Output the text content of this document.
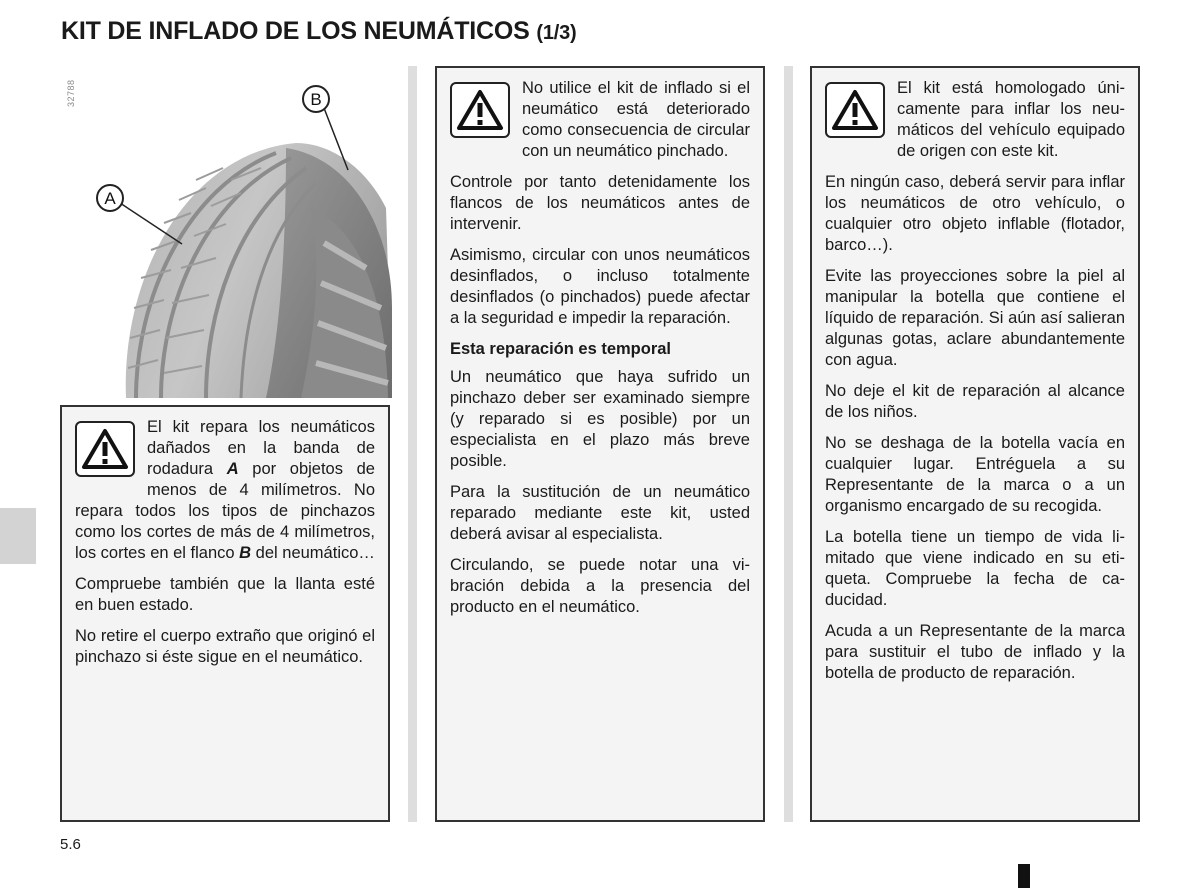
KIT DE INFLADO DE LOS NEUMÁTICOS (1/3)
32788
A
B

El kit repara los neumáticos dañados en la banda de rodadura A por objetos de menos de 4 milímetros. No repara todos los tipos de pinchazos como los cortes de más de 4 milímetros, los cortes en el flanco B del neumático…

Compruebe también que la llanta esté en buen estado.

No retire el cuerpo extraño que originó el pinchazo si éste sigue en el neumático.

No utilice el kit de inflado si el neumático está deteriorado como consecuencia de circular con un neumático pinchado.

Controle por tanto detenidamente los flancos de los neumáticos antes de intervenir.

Asimismo, circular con unos neumáticos desinflados, o incluso totalmente desinflados (o pinchados) puede afectar a la seguridad e impedir la reparación.

Esta reparación es temporal

Un neumático que haya sufrido un pinchazo deber ser examinado siempre (y reparado si es posible) por un especialista en el plazo más breve posible.

Para la sustitución de un neumático reparado mediante este kit, usted deberá avisar al especialista.

Circulando, se puede notar una vibración debida a la presencia del producto en el neumático.

El kit está homologado únicamente para inflar los neumáticos del vehículo equipado de origen con este kit.

En ningún caso, deberá servir para inflar los neumáticos de otro vehículo, o cualquier otro objeto inflable (flotador, barco…).

Evite las proyecciones sobre la piel al manipular la botella que contiene el líquido de reparación. Si aún así salieran algunas gotas, aclare abundantemente con agua.

No deje el kit de reparación al alcance de los niños.

No se deshaga de la botella vacía en cualquier lugar. Entréguela a su Representante de la marca o a un organismo encargado de su recogida.

La botella tiene un tiempo de vida limitado que viene indicado en su etiqueta. Compruebe la fecha de caducidad.

Acuda a un Representante de la marca para sustituir el tubo de inflado y la botella de producto de reparación.

5.6
